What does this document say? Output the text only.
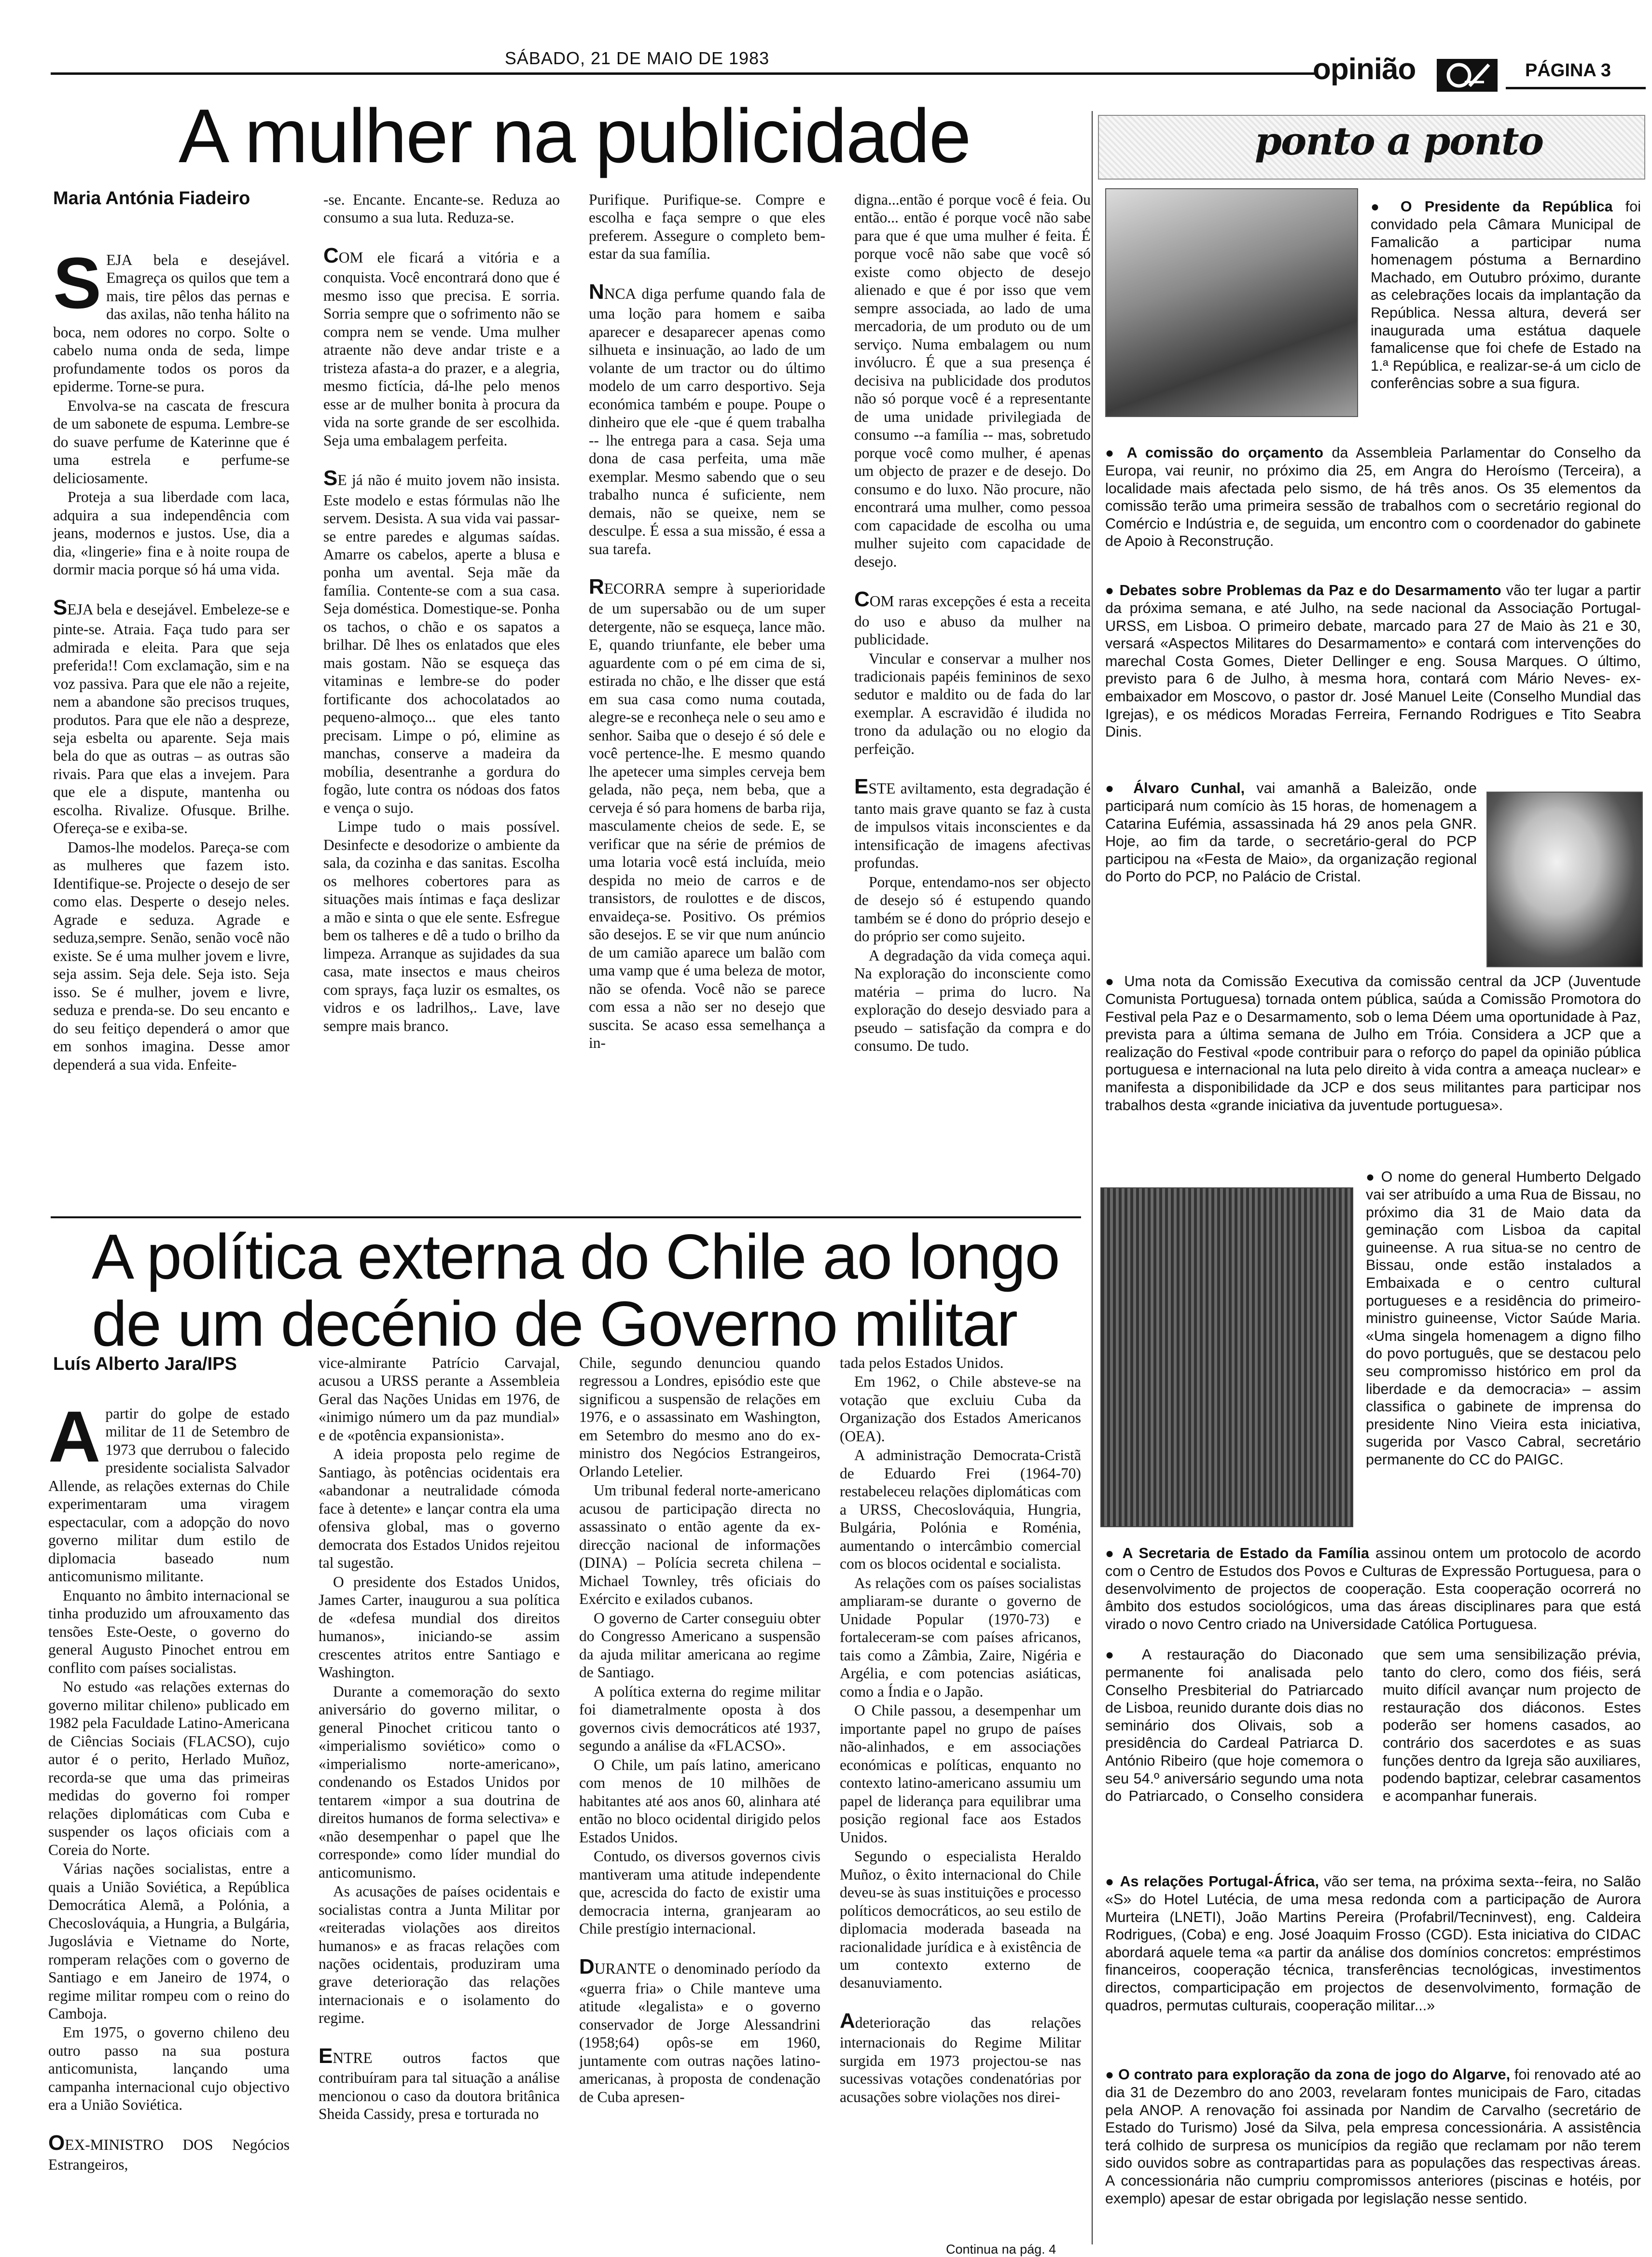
SÁBADO, 21 DE MAIO DE 1983	opinião	PÁGINA 3
A mulher na publicidade
Maria Antónia Fiadeiro

SEJA bela e desejável. Emagreça os quilos que tem a mais, tire pêlos das pernas e das axilas, não tenha hálito na boca, nem odores no corpo. Solte o cabelo numa onda de seda, limpe profundamente todos os poros da epiderme. Torne-se pura.

Envolva-se na cascata de frescura de um sabonete de espuma. Lembre-se do suave perfume de Katerinne que é uma estrela e perfume-se deliciosamente.

Proteja a sua liberdade com laca, adquira a sua independência com jeans, modernos e justos. Use, dia a dia, «lingerie» fina e à noite roupa de dormir macia porque só há uma vida.

SEJA bela e desejável. Embeleze-se e pinte-se. Atraia. Faça tudo para ser admirada e eleita. Para que seja preferida!! Com exclamação, sim e na voz passiva. Para que ele não a rejeite, nem a abandone são precisos truques, produtos. Para que ele não a despreze, seja esbelta ou aparente. Seja mais bela do que as outras – as outras são rivais. Para que elas a invejem. Para que ele a dispute, mantenha ou escolha. Rivalize. Ofusque. Brilhe. Ofereça-se e exiba-se.

Damos-lhe modelos. Pareça-se com as mulheres que fazem isto. Identifique-se. Projecte o desejo de ser como elas. Desperte o desejo neles. Agrade e seduza. Agrade e seduza,sempre. Senão, senão você não existe. Se é uma mulher jovem e livre, seja assim. Seja dele. Seja isto. Seja isso. Se é mulher, jovem e livre, seduza e prenda-se. Do seu encanto e do seu feitiço dependerá o amor que em sonhos imagina. Desse amor dependerá a sua vida. Enfeite-

-se. Encante. Encante-se. Reduza ao consumo a sua luta. Reduza-se.

COM ele ficará a vitória e a conquista. Você encontrará dono que é mesmo isso que precisa. E sorria. Sorria sempre que o sofrimento não se compra nem se vende. Uma mulher atraente não deve andar triste e a tristeza afasta-a do prazer, e a alegria, mesmo fictícia, dá-lhe pelo menos esse ar de mulher bonita à procura da vida na sorte grande de ser escolhida. Seja uma embalagem perfeita.

SE já não é muito jovem não insista. Este modelo e estas fórmulas não lhe servem. Desista. A sua vida vai passar-se entre paredes e algumas saídas. Amarre os cabelos, aperte a blusa e ponha um avental. Seja mãe da família. Contente-se com a sua casa. Seja doméstica. Domestique-se. Ponha os tachos, o chão e os sapatos a brilhar. Dê lhes os enlatados que eles mais gostam. Não se esqueça das vitaminas e lembre-se do poder fortificante dos achocolatados ao pequeno-almoço... que eles tanto precisam. Limpe o pó, elimine as manchas, conserve a madeira da mobília, desentranhe a gordura do fogão, lute contra os nódoas dos fatos e vença o sujo.

Limpe tudo o mais possível. Desinfecte e desodorize o ambiente da sala, da cozinha e das sanitas. Escolha os melhores cobertores para as situações mais íntimas e faça deslizar a mão e sinta o que ele sente. Esfregue bem os talheres e dê a tudo o brilho da limpeza. Arranque as sujidades da sua casa, mate insectos e maus cheiros com sprays, faça luzir os esmaltes, os vidros e os ladrilhos,. Lave, lave sempre mais branco.

Purifique. Purifique-se. Compre e escolha e faça sempre o que eles preferem. Assegure o completo bem-estar da sua família.

NNCA diga perfume quando fala de uma loção para homem e saiba aparecer e desaparecer apenas como silhueta e insinuação, ao lado de um volante de um tractor ou do último modelo de um carro desportivo. Seja económica também e poupe. Poupe o dinheiro que ele -que é quem trabalha -- lhe entrega para a casa. Seja uma dona de casa perfeita, uma mãe exemplar. Mesmo sabendo que o seu trabalho nunca é suficiente, nem demais, não se queixe, nem se desculpe. É essa a sua missão, é essa a sua tarefa.

RECORRA sempre à superioridade de um supersabão ou de um super detergente, não se esqueça, lance mão. E, quando triunfante, ele beber uma aguardente com o pé em cima de si, estirada no chão, e lhe disser que está em sua casa como numa coutada, alegre-se e reconheça nele o seu amo e senhor. Saiba que o desejo é só dele e você pertence-lhe. E mesmo quando lhe apetecer uma simples cerveja bem gelada, não peça, nem beba, que a cerveja é só para homens de barba rija, masculamente cheios de sede. E, se verificar que na série de prémios de uma lotaria você está incluída, meio despida no meio de carros e de transistors, de roulottes e de discos, envaideça-se. Positivo. Os prémios são desejos. E se vir que num anúncio de um camião aparece um balão com uma vamp que é uma beleza de motor, não se ofenda. Você não se parece com essa a não ser no desejo que suscita. Se acaso essa semelhança a in-

digna...então é porque você é feia. Ou então... então é porque você não sabe para que é que uma mulher é feita. É porque você não sabe que você só existe como objecto de desejo alienado e que é por isso que vem sempre associada, ao lado de uma mercadoria, de um produto ou de um serviço. Numa embalagem ou num invólucro. É que a sua presença é decisiva na publicidade dos produtos não só porque você é a representante de uma unidade privilegiada de consumo --a família -- mas, sobretudo porque você como mulher, é apenas um objecto de prazer e de desejo. Do consumo e do luxo. Não procure, não encontrará uma mulher, como pessoa com capacidade de escolha ou uma mulher sujeito com capacidade de desejo.

COM raras excepções é esta a receita do uso e abuso da mulher na publicidade.

Vincular e conservar a mulher nos tradicionais papéis femininos de sexo sedutor e maldito ou de fada do lar exemplar. A escravidão é iludida no trono da adulação ou no elogio da perfeição.

ESTE aviltamento, esta degradação é tanto mais grave quanto se faz à custa de impulsos vitais inconscientes e da intensificação de imagens afectivas profundas.

Porque, entendamo-nos ser objecto de desejo só é estupendo quando também se é dono do próprio desejo e do próprio ser como sujeito.

A degradação da vida começa aqui. Na exploração do inconsciente como matéria – prima do lucro. Na exploração do desejo desviado para a pseudo – satisfação da compra e do consumo. De tudo.

A política externa do Chile ao longo de um decénio de Governo militar
Luís Alberto Jara/IPS

Apartir do golpe de estado militar de 11 de Setembro de 1973 que derrubou o falecido presidente socialista Salvador Allende, as relações externas do Chile experimentaram uma viragem espectacular, com a adopção do novo governo militar dum estilo de diplomacia baseado num anticomunismo militante.

Enquanto no âmbito internacional se tinha produzido um afrouxamento das tensões Este-Oeste, o governo do general Augusto Pinochet entrou em conflito com países socialistas.

No estudo «as relações externas do governo militar chileno» publicado em 1982 pela Faculdade Latino-Americana de Ciências Sociais (FLACSO), cujo autor é o perito, Herlado Muñoz, recorda-se que uma das primeiras medidas do governo foi romper relações diplomáticas com Cuba e suspender os laços oficiais com a Coreia do Norte.

Várias nações socialistas, entre a quais a União Soviética, a República Democrática Alemã, a Polónia, a Checoslováquia, a Hungria, a Bulgária, Jugoslávia e Vietname do Norte, romperam relações com o governo de Santiago e em Janeiro de 1974, o regime militar rompeu com o reino do Camboja.

Em 1975, o governo chileno deu outro passo na sua postura anticomunista, lançando uma campanha internacional cujo objectivo era a União Soviética.

OEX-MINISTRO DOS Negócios Estrangeiros,

vice-almirante Patrício Carvajal, acusou a URSS perante a Assembleia Geral das Nações Unidas em 1976, de «inimigo número um da paz mundial» e de «potência expansionista».

A ideia proposta pelo regime de Santiago, às potências ocidentais era «abandonar a neutralidade cómoda face à detente» e lançar contra ela uma ofensiva global, mas o governo democrata dos Estados Unidos rejeitou tal sugestão.

O presidente dos Estados Unidos, James Carter, inaugurou a sua política de «defesa mundial dos direitos humanos», iniciando-se assim crescentes atritos entre Santiago e Washington.

Durante a comemoração do sexto aniversário do governo militar, o general Pinochet criticou tanto o «imperialismo soviético» como o «imperialismo norte-americano», condenando os Estados Unidos por tentarem «impor a sua doutrina de direitos humanos de forma selectiva» e «não desempenhar o papel que lhe corresponde» como líder mundial do anticomunismo.

As acusações de países ocidentais e socialistas contra a Junta Militar por «reiteradas violações aos direitos humanos» e as fracas relações com nações ocidentais, produziram uma grave deterioração das relações internacionais e o isolamento do regime.

ENTRE outros factos que contribuíram para tal situação a análise mencionou o caso da doutora britânica Sheida Cassidy, presa e torturada no

Chile, segundo denunciou quando regressou a Londres, episódio este que significou a suspensão de relações em 1976, e o assassinato em Washington, em Setembro do mesmo ano do ex-ministro dos Negócios Estrangeiros, Orlando Letelier.

Um tribunal federal norte-americano acusou de participação directa no assassinato o então agente da ex-direcção nacional de informações (DINA) – Polícia secreta chilena – Michael Townley, três oficiais do Exército e exilados cubanos.

O governo de Carter conseguiu obter do Congresso Americano a suspensão da ajuda militar americana ao regime de Santiago.

A política externa do regime militar foi diametralmente oposta à dos governos civis democráticos até 1937, segundo a análise da «FLACSO».

O Chile, um país latino, americano com menos de 10 milhões de habitantes até aos anos 60, alinhara até então no bloco ocidental dirigido pelos Estados Unidos.

Contudo, os diversos governos civis mantiveram uma atitude independente que, acrescida do facto de existir uma democracia interna, granjearam ao Chile prestígio internacional.

DURANTE o denominado período da «guerra fria» o Chile manteve uma atitude «legalista» e o governo conservador de Jorge Alessandrini (1958;64) opôs-se em 1960, juntamente com outras nações latino-americanas, à proposta de condenação de Cuba apresen-

tada pelos Estados Unidos.

Em 1962, o Chile absteve-se na votação que excluiu Cuba da Organização dos Estados Americanos (OEA).

A administração Democrata-Cristã de Eduardo Frei (1964-70) restabeleceu relações diplomáticas com a URSS, Checoslováquia, Hungria, Bulgária, Polónia e Roménia, aumentando o intercâmbio comercial com os blocos ocidental e socialista.

As relações com os países socialistas ampliaram-se durante o governo de Unidade Popular (1970-73) e fortaleceram-se com países africanos, tais como a Zâmbia, Zaire, Nigéria e Argélia, e com potencias asiáticas, como a Índia e o Japão.

O Chile passou, a desempenhar um importante papel no grupo de países não-alinhados, e em associações económicas e políticas, enquanto no contexto latino-americano assumiu um papel de liderança para equilibrar uma posição regional face aos Estados Unidos.

Segundo o especialista Heraldo Muñoz, o êxito internacional do Chile deveu-se às suas instituições e processo políticos democráticos, ao seu estilo de diplomacia moderada baseada na racionalidade jurídica e à existência de um contexto externo de desanuviamento.

Adeterioração das relações internacionais do Regime Militar surgida em 1973 projectou-se nas sucessivas votações condenatórias por acusações sobre violações nos direi-

Continua na pág. 4
ponto a ponto

● O Presidente da República foi convidado pela Câmara Municipal de Famalicão a participar numa homenagem póstuma a Bernardino Machado, em Outubro próximo, durante as celebrações locais da implantação da República. Nessa altura, deverá ser inaugurada uma estátua daquele famalicense que foi chefe de Estado na 1.ª República, e realizar-se-á um ciclo de conferências sobre a sua figura.

● A comissão do orçamento da Assembleia Parlamentar do Conselho da Europa, vai reunir, no próximo dia 25, em Angra do Heroísmo (Terceira), a localidade mais afectada pelo sismo, de há três anos. Os 35 elementos da comissão terão uma primeira sessão de trabalhos com o secretário regional do Comércio e Indústria e, de seguida, um encontro com o coordenador do gabinete de Apoio à Reconstrução.

● Debates sobre Problemas da Paz e do Desarmamento vão ter lugar a partir da próxima semana, e até Julho, na sede nacional da Associação Portugal-URSS, em Lisboa. O primeiro debate, marcado para 27 de Maio às 21 e 30, versará «Aspectos Militares do Desarmamento» e contará com intervenções do marechal Costa Gomes, Dieter Dellinger e eng. Sousa Marques. O último, previsto para 6 de Julho, à mesma hora, contará com Mário Neves- ex-embaixador em Moscovo, o pastor dr. José Manuel Leite (Conselho Mundial das Igrejas), e os médicos Moradas Ferreira, Fernando Rodrigues e Tito Seabra Dinis.

● Álvaro Cunhal, vai amanhã a Baleizão, onde participará num comício às 15 horas, de homenagem a Catarina Eufémia, assassinada há 29 anos pela GNR. Hoje, ao fim da tarde, o secretário-geral do PCP participou na «Festa de Maio», da organização regional do Porto do PCP, no Palácio de Cristal.

● Uma nota da Comissão Executiva da comissão central da JCP (Juventude Comunista Portuguesa) tornada ontem pública, saúda a Comissão Promotora do Festival pela Paz e o Desarmamento, sob o lema Déem uma oportunidade à Paz, prevista para a última semana de Julho em Tróia. Considera a JCP que a realização do Festival «pode contribuir para o reforço do papel da opinião pública portuguesa e internacional na luta pelo direito à vida contra a ameaça nuclear» e manifesta a disponibilidade da JCP e dos seus militantes para participar nos trabalhos desta «grande iniciativa da juventude portuguesa».

● O nome do general Humberto Delgado vai ser atribuído a uma Rua de Bissau, no próximo dia 31 de Maio data da geminação com Lisboa da capital guineense. A rua situa-se no centro de Bissau, onde estão instalados a Embaixada e o centro cultural portugueses e a residência do primeiro-ministro guineense, Victor Saúde Maria. «Uma singela homenagem a digno filho do povo português, que se destacou pelo seu compromisso histórico em prol da liberdade e da democracia» – assim classifica o gabinete de imprensa do presidente Nino Vieira esta iniciativa, sugerida por Vasco Cabral, secretário permanente do CC do PAIGC.

● A Secretaria de Estado da Família assinou ontem um protocolo de acordo com o Centro de Estudos dos Povos e Culturas de Expressão Portuguesa, para o desenvolvimento de projectos de cooperação. Esta cooperação ocorrerá no âmbito dos estudos sociológicos, uma das áreas disciplinares para que está virado o novo Centro criado na Universidade Católica Portuguesa.

● A restauração do Diaconado permanente foi analisada pelo Conselho Presbiterial do Patriarcado de Lisboa, reunido durante dois dias no seminário dos Olivais, sob a presidência do Cardeal Patriarca D. António Ribeiro (que hoje comemora o seu 54.º aniversário segundo uma nota do Patriarcado, o Conselho considera que sem uma sensibilização prévia, tanto do clero, como dos fiéis, será muito difícil avançar num projecto de restauração dos diáconos. Estes poderão ser homens casados, ao contrário dos sacerdotes e as suas funções dentro da Igreja são auxiliares, podendo baptizar, celebrar casamentos e acompanhar funerais.

● As relações Portugal-África, vão ser tema, na próxima sexta--feira, no Salão «S» do Hotel Lutécia, de uma mesa redonda com a participação de Aurora Murteira (LNETI), João Martins Pereira (Profabril/Tecninvest), eng. Caldeira Rodrigues, (Coba) e eng. José Joaquim Frosso (CGD). Esta iniciativa do CIDAC abordará aquele tema «a partir da análise dos domínios concretos: empréstimos financeiros, cooperação técnica, transferências tecnológicas, investimentos directos, comparticipação em projectos de desenvolvimento, formação de quadros, permutas culturais, cooperação militar...»

● O contrato para exploração da zona de jogo do Algarve, foi renovado até ao dia 31 de Dezembro do ano 2003, revelaram fontes municipais de Faro, citadas pela ANOP. A renovação foi assinada por Nandim de Carvalho (secretário de Estado do Turismo) José da Silva, pela empresa concessionária. A assistência terá colhido de surpresa os municípios da região que reclamam por não terem sido ouvidos sobre as contrapartidas para as populações das respectivas áreas. A concessionária não cumpriu compromissos anteriores (piscinas e hotéis, por exemplo) apesar de estar obrigada por legislação nesse sentido.
